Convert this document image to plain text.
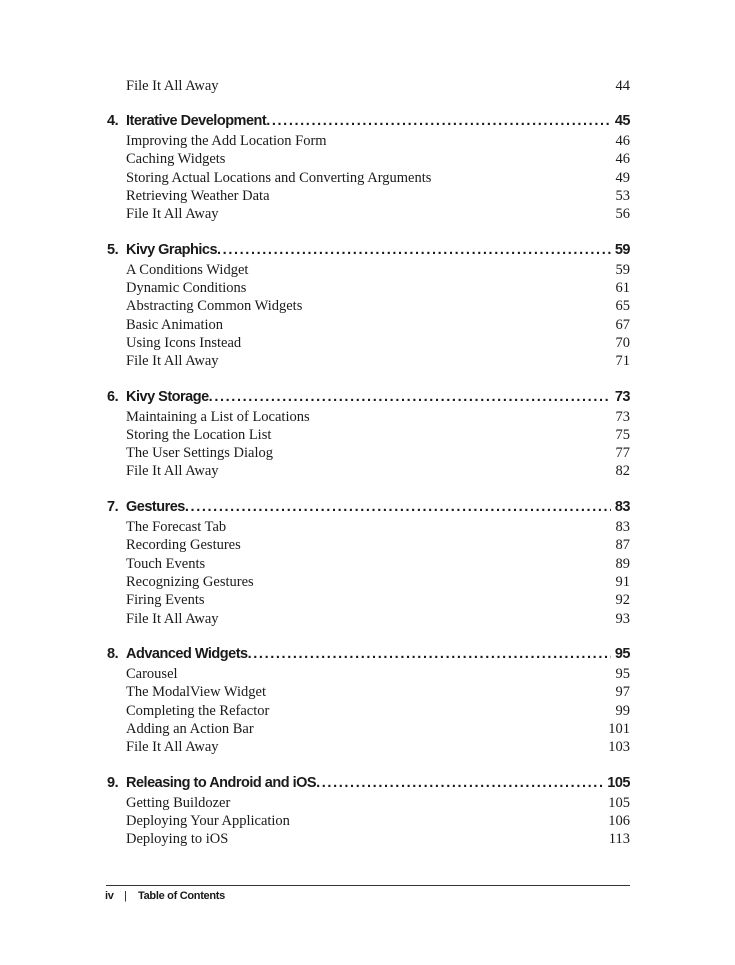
File It All Away	44
4. Iterative Development . . .	45
Improving the Add Location Form	46
Caching Widgets	46
Storing Actual Locations and Converting Arguments	49
Retrieving Weather Data	53
File It All Away	56
5. Kivy Graphics . . .	59
A Conditions Widget	59
Dynamic Conditions	61
Abstracting Common Widgets	65
Basic Animation	67
Using Icons Instead	70
File It All Away	71
6. Kivy Storage . . .	73
Maintaining a List of Locations	73
Storing the Location List	75
The User Settings Dialog	77
File It All Away	82
7. Gestures . . .	83
The Forecast Tab	83
Recording Gestures	87
Touch Events	89
Recognizing Gestures	91
Firing Events	92
File It All Away	93
8. Advanced Widgets . . .	95
Carousel	95
The ModalView Widget	97
Completing the Refactor	99
Adding an Action Bar	101
File It All Away	103
9. Releasing to Android and iOS . . .	105
Getting Buildozer	105
Deploying Your Application	106
Deploying to iOS	113
iv |	Table of Contents
